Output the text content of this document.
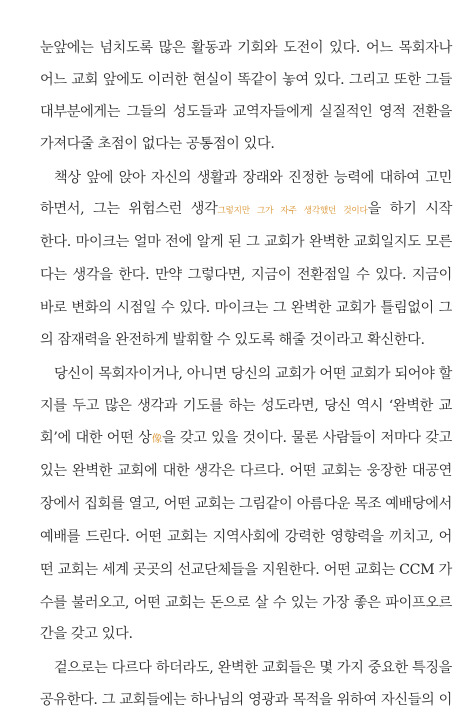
눈앞에는 넘치도록 많은 활동과 기회와 도전이 있다. 어느 목회자나
어느 교회 앞에도 이러한 현실이 똑같이 놓여 있다. 그리고 또한 그들
대부분에게는 그들의 성도들과 교역자들에게 실질적인 영적 전환을
가져다줄 초점이 없다는 공통점이 있다.
책상 앞에 앉아 자신의 생활과 장래와 진정한 능력에 대하여 고민
하면서, 그는 위험스런 생각그렇지만 그가 자주 생각했던 것이다을 하기 시작
한다. 마이크는 얼마 전에 알게 된 그 교회가 완벽한 교회일지도 모른
다는 생각을 한다. 만약 그렇다면, 지금이 전환점일 수 있다. 지금이
바로 변화의 시점일 수 있다. 마이크는 그 완벽한 교회가 틀림없이 그
의 잠재력을 완전하게 발휘할 수 있도록 해줄 것이라고 확신한다.
당신이 목회자이거나, 아니면 당신의 교회가 어떤 교회가 되어야 할
지를 두고 많은 생각과 기도를 하는 성도라면, 당신 역시 ‘완벽한 교
회’에 대한 어떤 상像을 갖고 있을 것이다. 물론 사람들이 저마다 갖고
있는 완벽한 교회에 대한 생각은 다르다. 어떤 교회는 웅장한 대공연
장에서 집회를 열고, 어떤 교회는 그림같이 아름다운 목조 예배당에서
예배를 드린다. 어떤 교회는 지역사회에 강력한 영향력을 끼치고, 어
떤 교회는 세계 곳곳의 선교단체들을 지원한다. 어떤 교회는 CCM 가
수를 불러오고, 어떤 교회는 돈으로 살 수 있는 가장 좋은 파이프오르
간을 갖고 있다.
겉으로는 다르다 하더라도, 완벽한 교회들은 몇 가지 중요한 특징을
공유한다. 그 교회들에는 하나님의 영광과 목적을 위하여 자신들의 이
